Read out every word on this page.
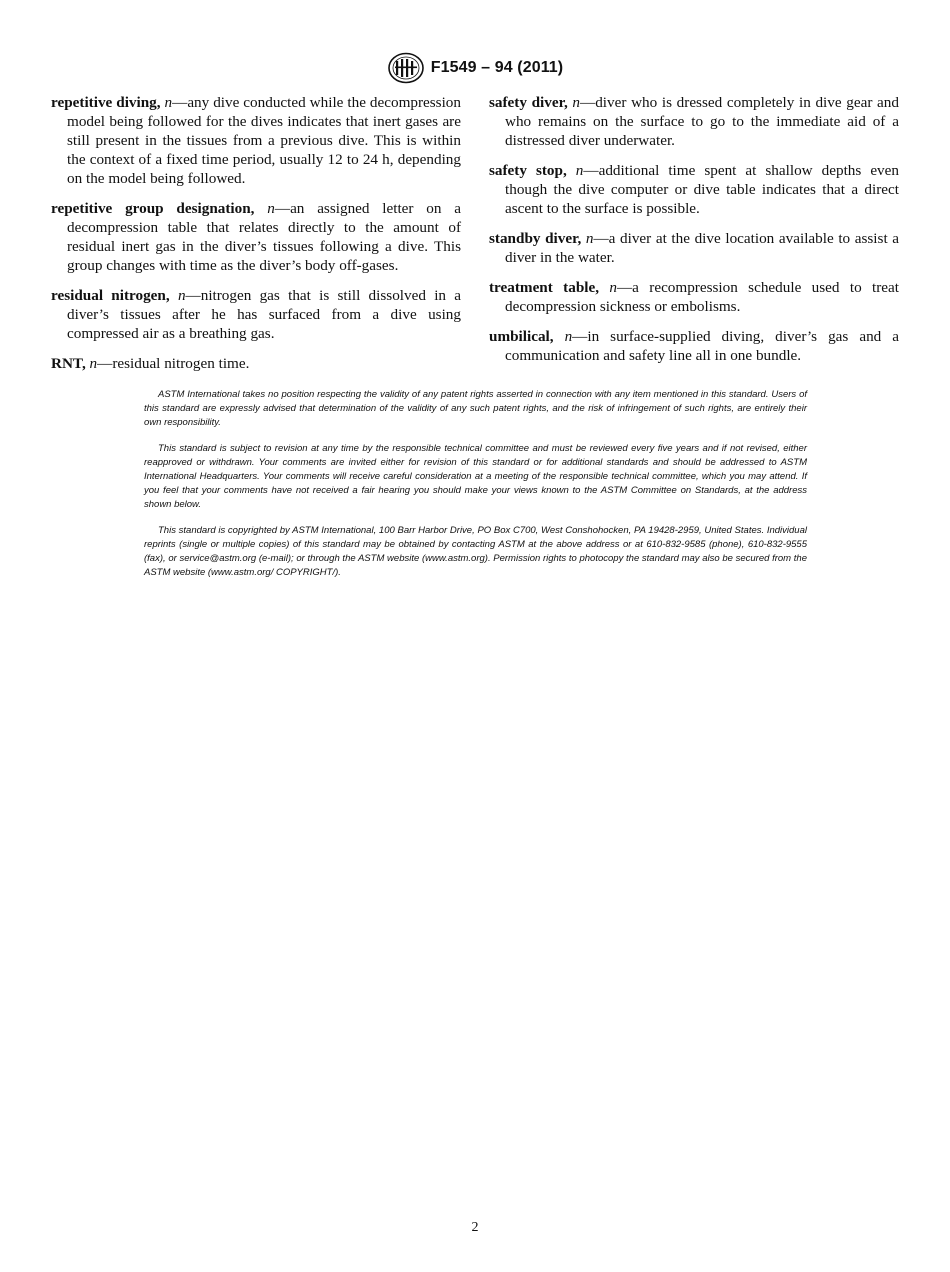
F1549 – 94 (2011)

repetitive diving, n—any dive conducted while the decompression model being followed for the dives indicates that inert gases are still present in the tissues from a previous dive. This is within the context of a fixed time period, usually 12 to 24 h, depending on the model being followed.

repetitive group designation, n—an assigned letter on a decompression table that relates directly to the amount of residual inert gas in the diver’s tissues following a dive. This group changes with time as the diver’s body off-gases.

residual nitrogen, n—nitrogen gas that is still dissolved in a diver’s tissues after he has surfaced from a dive using compressed air as a breathing gas.

RNT, n—residual nitrogen time.

safety diver, n—diver who is dressed completely in dive gear and who remains on the surface to go to the immediate aid of a distressed diver underwater.

safety stop, n—additional time spent at shallow depths even though the dive computer or dive table indicates that a direct ascent to the surface is possible.

standby diver, n—a diver at the dive location available to assist a diver in the water.

treatment table, n—a recompression schedule used to treat decompression sickness or embolisms.

umbilical, n—in surface-supplied diving, diver’s gas and a communication and safety line all in one bundle.

ASTM International takes no position respecting the validity of any patent rights asserted in connection with any item mentioned in this standard. Users of this standard are expressly advised that determination of the validity of any such patent rights, and the risk of infringement of such rights, are entirely their own responsibility.

This standard is subject to revision at any time by the responsible technical committee and must be reviewed every five years and if not revised, either reapproved or withdrawn. Your comments are invited either for revision of this standard or for additional standards and should be addressed to ASTM International Headquarters. Your comments will receive careful consideration at a meeting of the responsible technical committee, which you may attend. If you feel that your comments have not received a fair hearing you should make your views known to the ASTM Committee on Standards, at the address shown below.

This standard is copyrighted by ASTM International, 100 Barr Harbor Drive, PO Box C700, West Conshohocken, PA 19428-2959, United States. Individual reprints (single or multiple copies) of this standard may be obtained by contacting ASTM at the above address or at 610-832-9585 (phone), 610-832-9555 (fax), or service@astm.org (e-mail); or through the ASTM website (www.astm.org). Permission rights to photocopy the standard may also be secured from the ASTM website (www.astm.org/ COPYRIGHT/).

2
